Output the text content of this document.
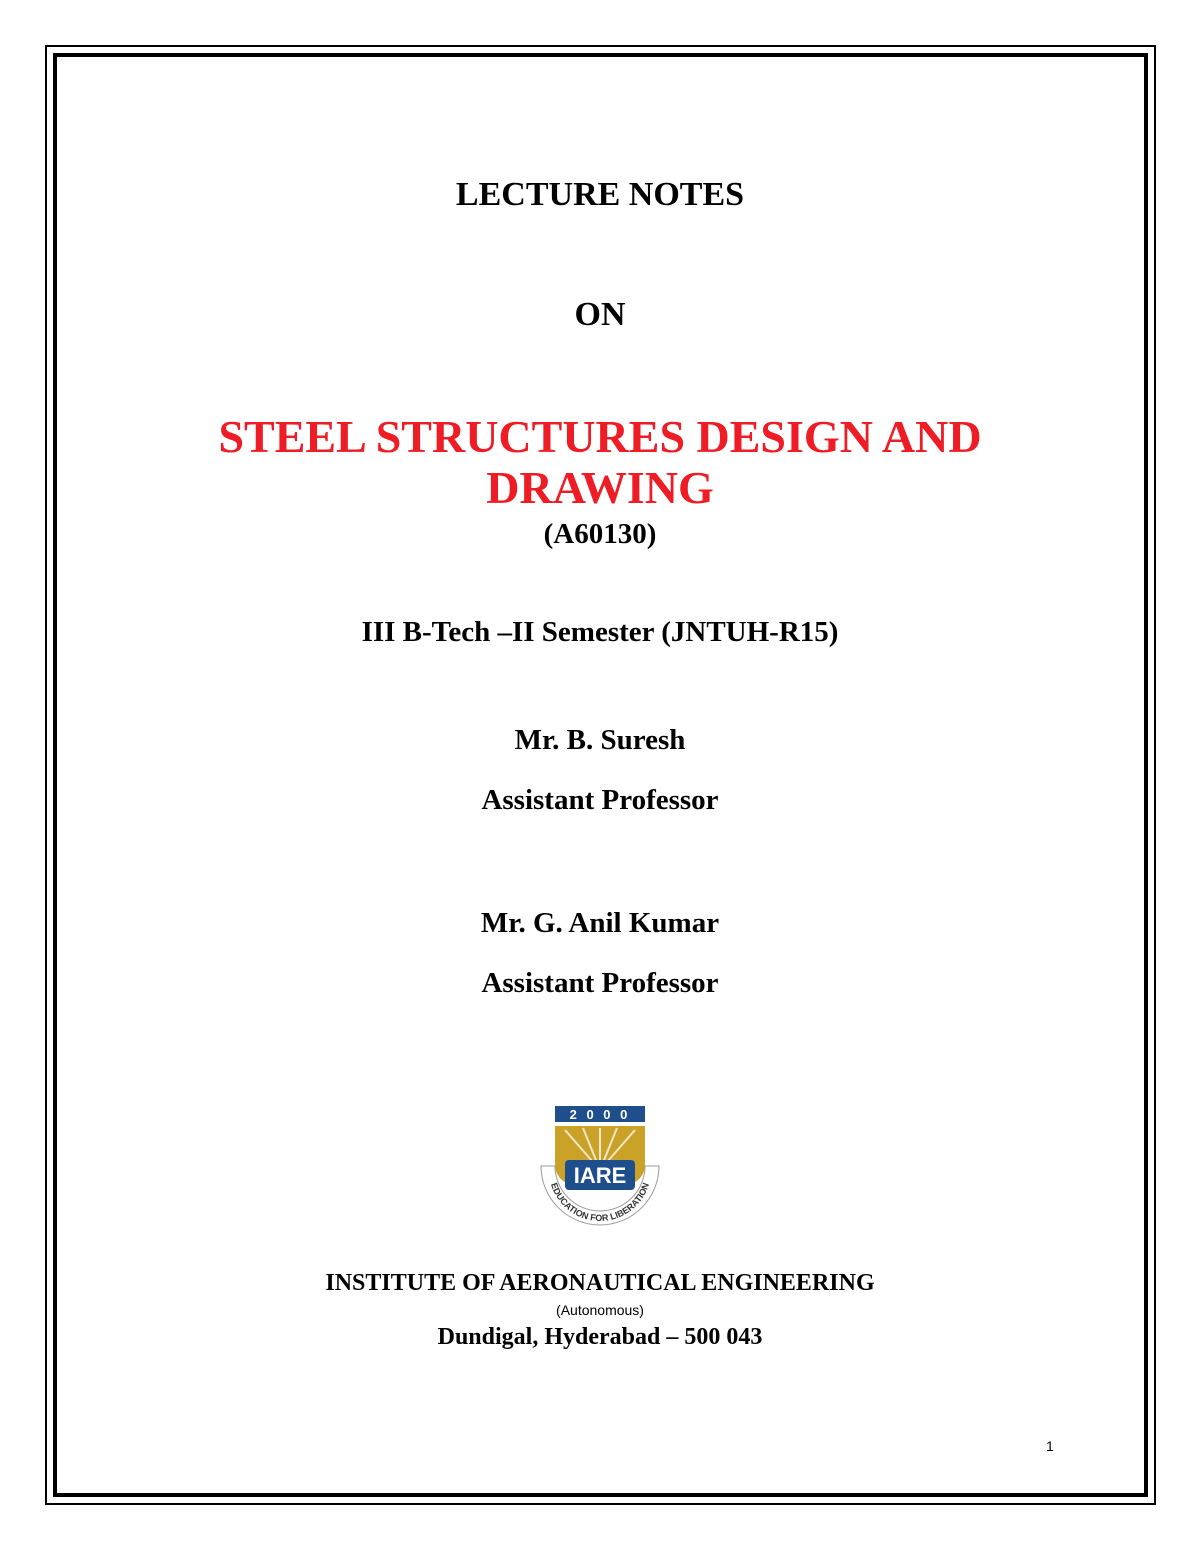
LECTURE NOTES
ON
STEEL STRUCTURES DESIGN AND
DRAWING
(A60130)
III B-Tech –II Semester (JNTUH-R15)
Mr. B. Suresh
Assistant Professor
Mr. G. Anil Kumar
Assistant Professor
2 0 0 0
IARE
EDUCATION FOR LIBERATION
INSTITUTE OF AERONAUTICAL ENGINEERING
(Autonomous)
Dundigal, Hyderabad – 500 043
1
